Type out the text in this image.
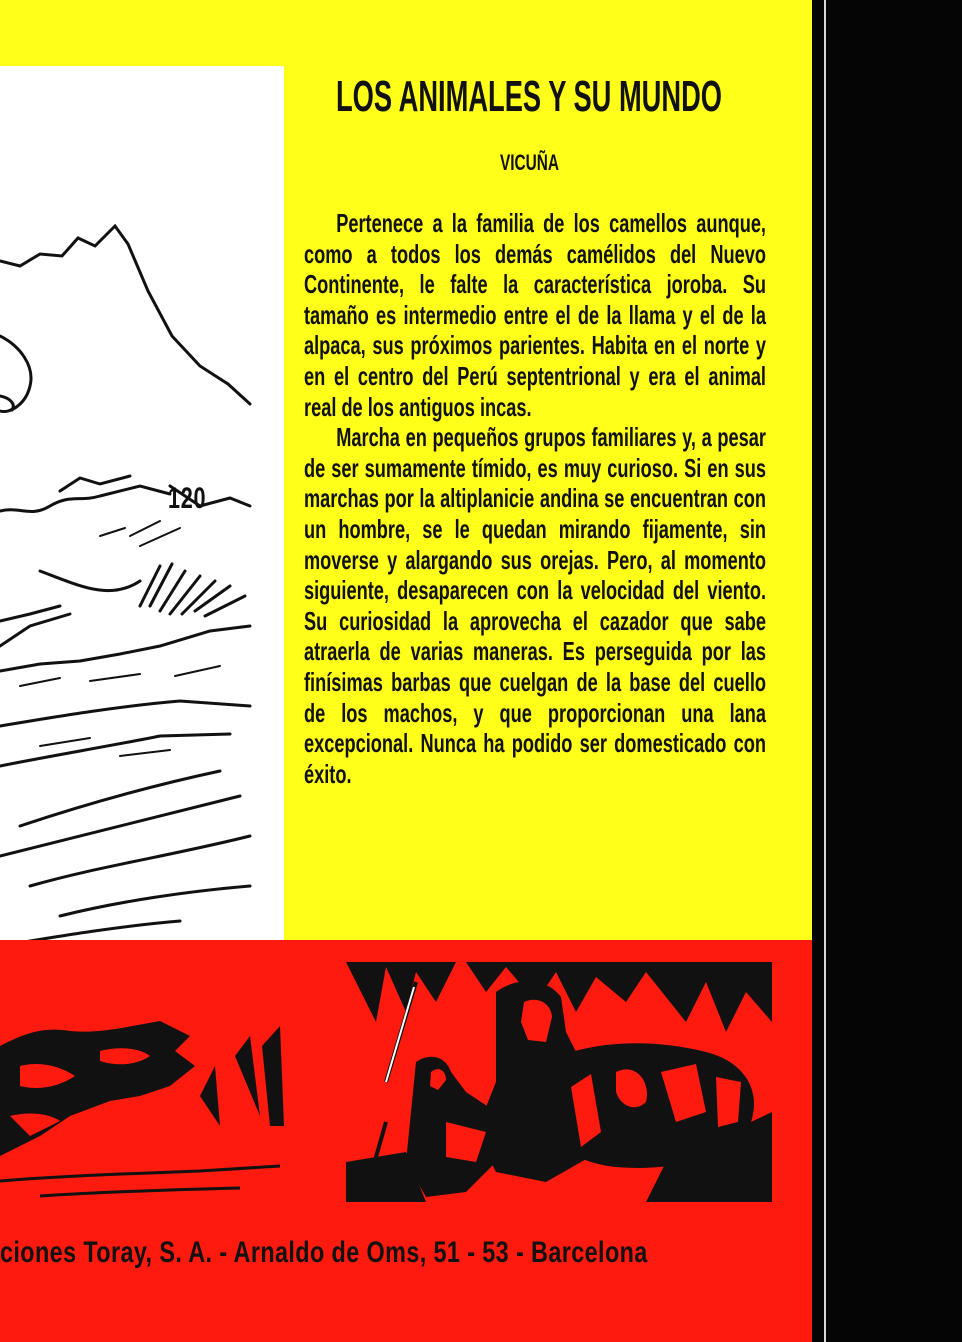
120
LOS ANIMALES Y SU MUNDO
VICUÑA

Pertenece a la familia de los camellos aunque, como a todos los demás camélidos del Nuevo Continente, le falte la característica joroba. Su tamaño es intermedio entre el de la llama y el de la alpaca, sus próximos parientes. Habita en el norte y en el centro del Perú septentrional y era el animal real de los antiguos incas.

Marcha en pequeños grupos familiares y, a pesar de ser sumamente tímido, es muy curioso. Si en sus marchas por la altiplanicie andina se encuentran con un hombre, se le quedan mirando fijamente, sin moverse y alargando sus orejas. Pero, al momento siguiente, desaparecen con la velocidad del viento. Su curiosidad la aprovecha el cazador que sabe atraerla de varias maneras. Es perseguida por las finísimas barbas que cuelgan de la base del cuello de los machos, y que proporcionan una lana excepcional. Nunca ha podido ser domesticado con éxito.

ciones Toray, S. A. - Arnaldo de Oms, 51 - 53 - Barcelona
